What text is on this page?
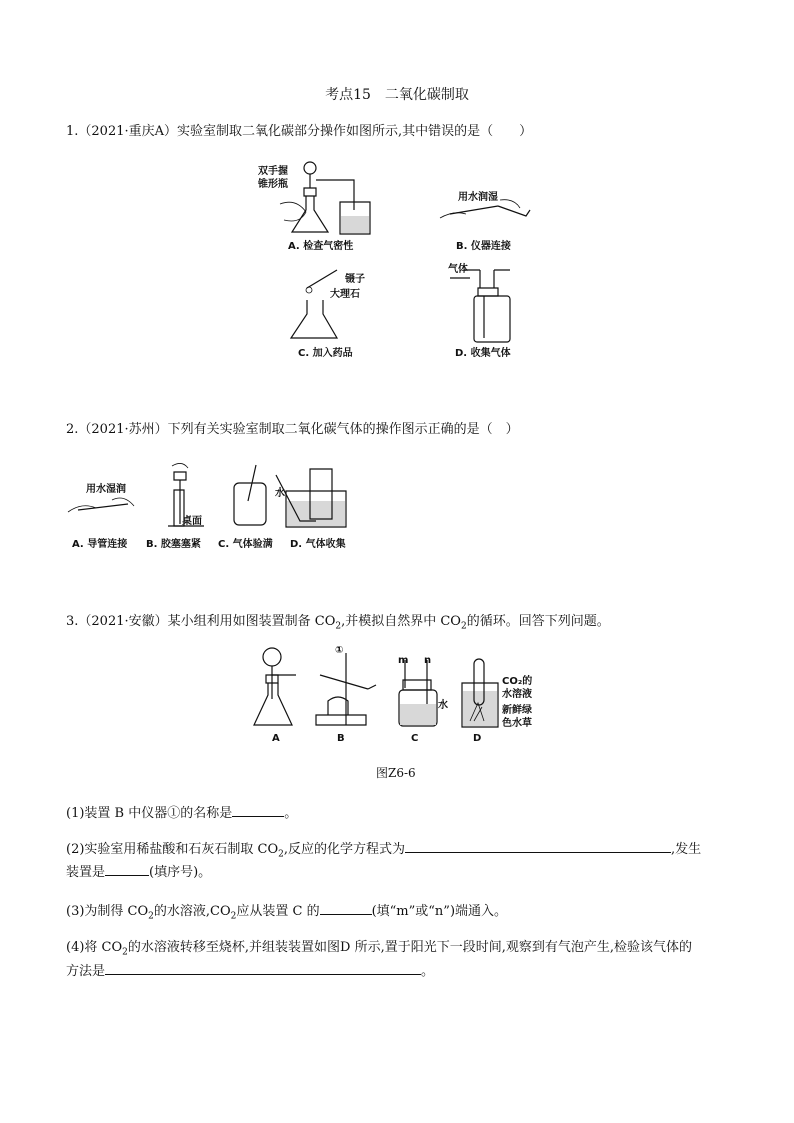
考点15　二氧化碳制取
1.（2021·重庆A）实验室制取二氧化碳部分操作如图所示,其中错误的是（　　）
双手握
锥形瓶
A. 检查气密性
用水润湿
B. 仪器连接
镊子
大理石
C. 加入药品
气体
D. 收集气体
2.（2021·苏州）下列有关实验室制取二氧化碳气体的操作图示正确的是（　）
用水湿润
A. 导管连接
桌面
B. 胶塞塞紧 C. 气体验满
水
D. 气体收集
3.（2021·安徽）某小组利用如图装置制备 $CO_2$,并模拟自然界中 $CO_2$的循环。回答下列问题。
A
①
B
m n
水
C
CO₂的
水溶液
新鲜绿
色水草
D
图Z6-6
(1)装置 B 中仪器①的名称是	。
(2)实验室用稀盐酸和石灰石制取 $CO_2$,反应的化学方程式为	,发生
装置是	(填序号)。
(3)为制得 $CO_2$的水溶液$,CO_2$应从装置 C 的	(填“m”或“n”)端通入。
(4)将 $CO_2$的水溶液转移至烧杯,并组装装置如图D 所示,置于阳光下一段时间,观察到有气泡产生,检验该气体的
方法是	。
